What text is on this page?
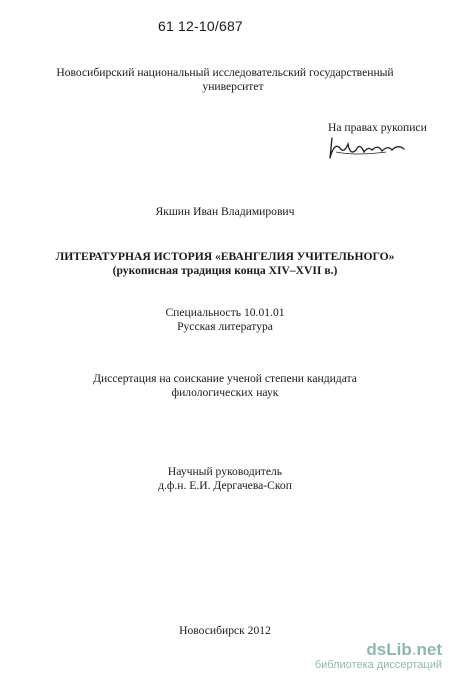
61 12-10/687
Новосибирский национальный исследовательский государственный
университет
На правах рукописи
Якшин Иван Владимирович
ЛИТЕРАТУРНАЯ ИСТОРИЯ «ЕВАНГЕЛИЯ УЧИТЕЛЬНОГО»
(рукописная традиция конца XIV–XVII в.)
Специальность 10.01.01
Русская литература
Диссертация на соискание ученой степени кандидата
филологических наук
Научный руководитель
д.ф.н. Е.И. Дергачева-Скоп
Новосибирск 2012
dsLib.net
библиотека диссертаций
